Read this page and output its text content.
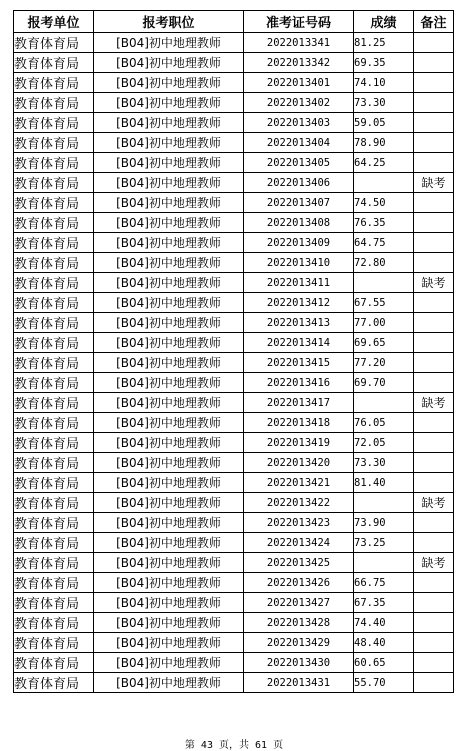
报考单位	报考职位	准考证号码	成绩	备注
教育体育局	[B04]初中地理教师	2022013341	81.25	
教育体育局	[B04]初中地理教师	2022013342	69.35	
教育体育局	[B04]初中地理教师	2022013401	74.10	
教育体育局	[B04]初中地理教师	2022013402	73.30	
教育体育局	[B04]初中地理教师	2022013403	59.05	
教育体育局	[B04]初中地理教师	2022013404	78.90	
教育体育局	[B04]初中地理教师	2022013405	64.25	
教育体育局	[B04]初中地理教师	2022013406		缺考
教育体育局	[B04]初中地理教师	2022013407	74.50	
教育体育局	[B04]初中地理教师	2022013408	76.35	
教育体育局	[B04]初中地理教师	2022013409	64.75	
教育体育局	[B04]初中地理教师	2022013410	72.80	
教育体育局	[B04]初中地理教师	2022013411		缺考
教育体育局	[B04]初中地理教师	2022013412	67.55	
教育体育局	[B04]初中地理教师	2022013413	77.00	
教育体育局	[B04]初中地理教师	2022013414	69.65	
教育体育局	[B04]初中地理教师	2022013415	77.20	
教育体育局	[B04]初中地理教师	2022013416	69.70	
教育体育局	[B04]初中地理教师	2022013417		缺考
教育体育局	[B04]初中地理教师	2022013418	76.05	
教育体育局	[B04]初中地理教师	2022013419	72.05	
教育体育局	[B04]初中地理教师	2022013420	73.30	
教育体育局	[B04]初中地理教师	2022013421	81.40	
教育体育局	[B04]初中地理教师	2022013422		缺考
教育体育局	[B04]初中地理教师	2022013423	73.90	
教育体育局	[B04]初中地理教师	2022013424	73.25	
教育体育局	[B04]初中地理教师	2022013425		缺考
教育体育局	[B04]初中地理教师	2022013426	66.75	
教育体育局	[B04]初中地理教师	2022013427	67.35	
教育体育局	[B04]初中地理教师	2022013428	74.40	
教育体育局	[B04]初中地理教师	2022013429	48.40	
教育体育局	[B04]初中地理教师	2022013430	60.65	
教育体育局	[B04]初中地理教师	2022013431	55.70	
第 43 页，共 61 页
